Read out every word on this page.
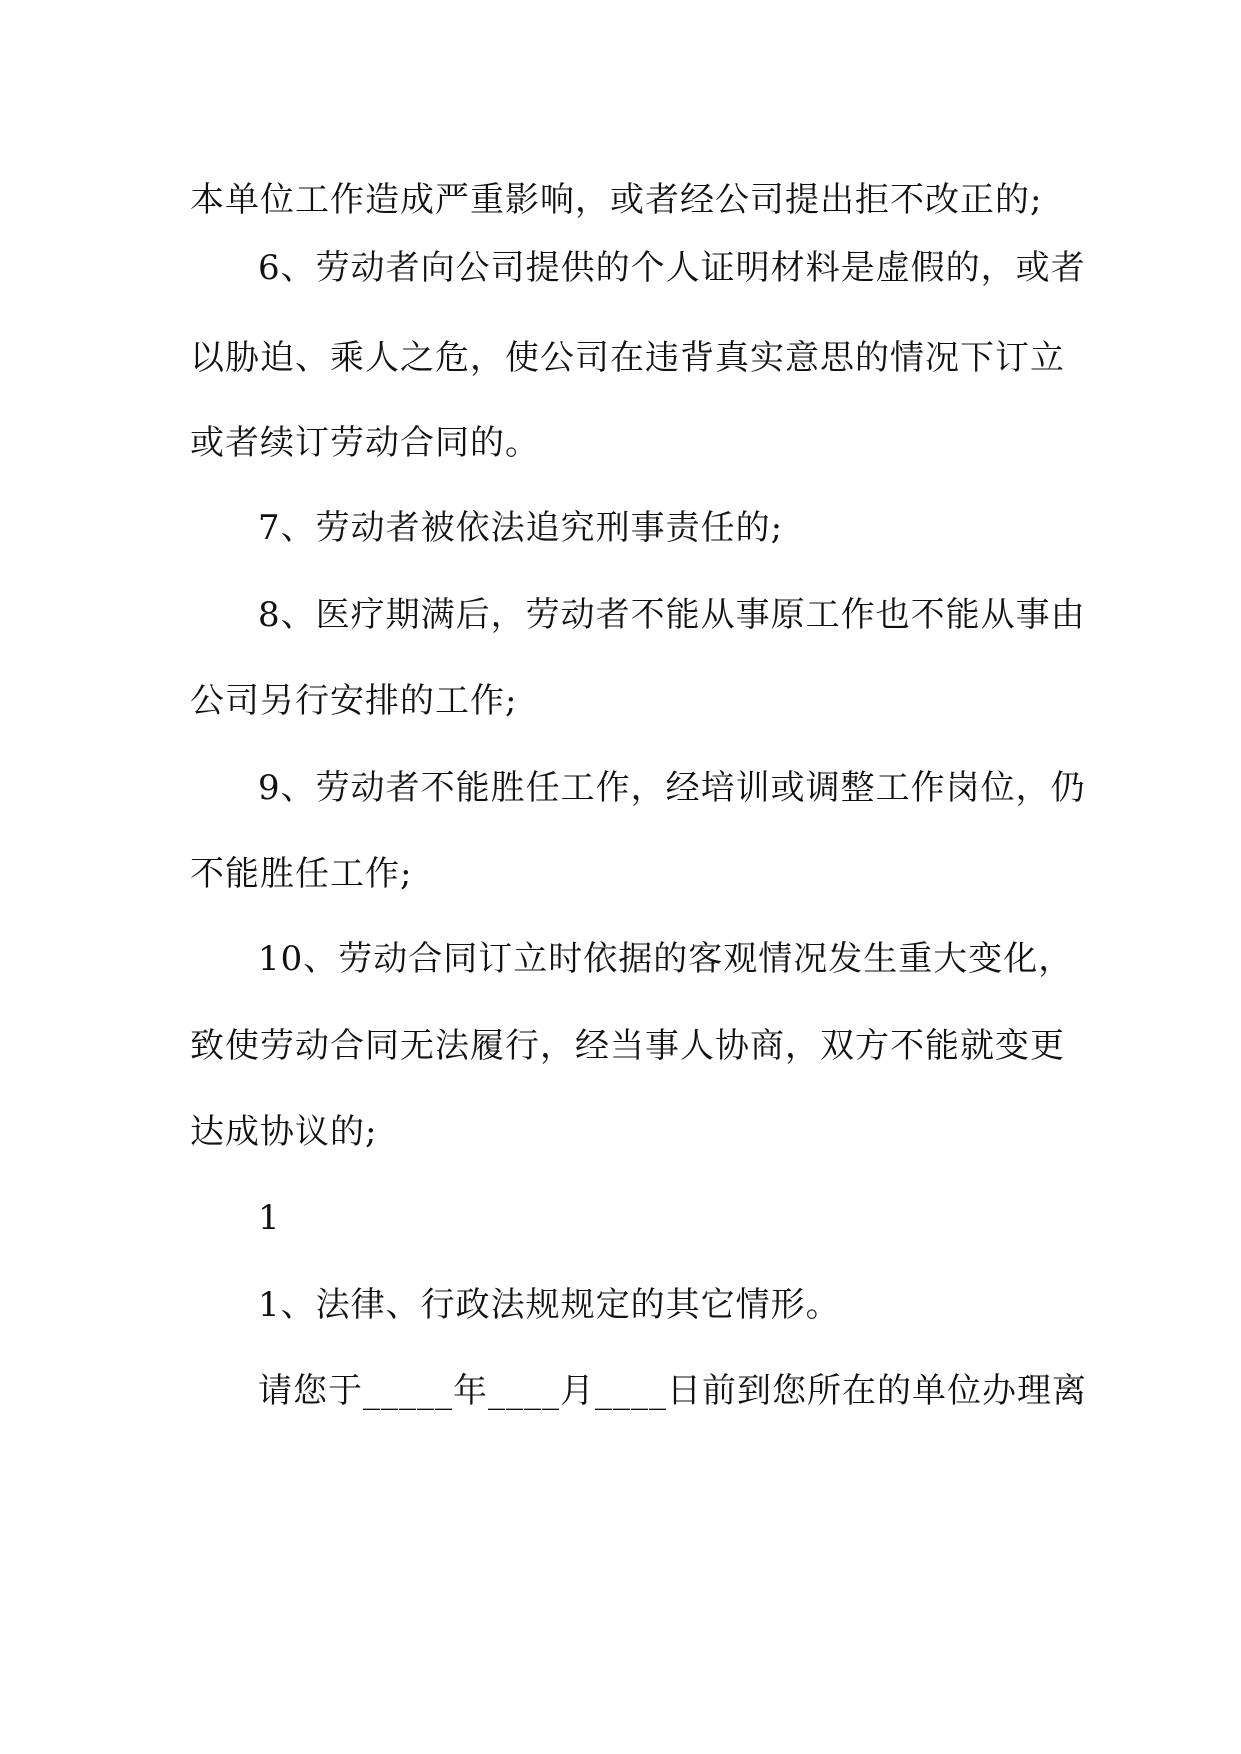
本单位工作造成严重影响，或者经公司提出拒不改正的;
6、劳动者向公司提供的个人证明材料是虚假的，或者
以胁迫、乘人之危，使公司在违背真实意思的情况下订立
或者续订劳动合同的。
7、劳动者被依法追究刑事责任的;
8、医疗期满后，劳动者不能从事原工作也不能从事由
公司另行安排的工作;
9、劳动者不能胜任工作，经培训或调整工作岗位，仍
不能胜任工作;
10、劳动合同订立时依据的客观情况发生重大变化，
致使劳动合同无法履行，经当事人协商，双方不能就变更
达成协议的;
1
1、法律、行政法规规定的其它情形。
请您于_____年____月____日前到您所在的单位办理离
